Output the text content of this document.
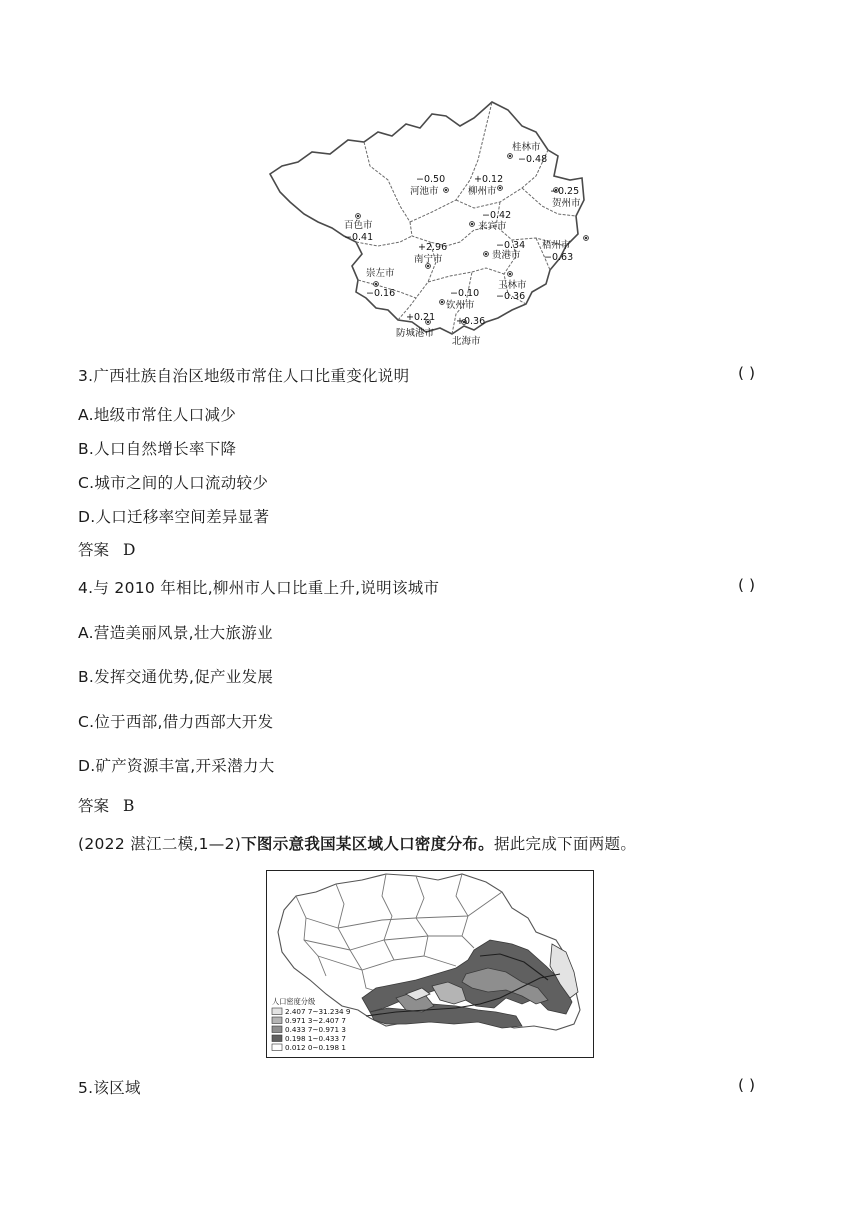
桂林市
−0.48
−0.50
河池市
+0.12
柳州市	−0.25
贺州市
百色市
−0.41
−0.42
来宾市
+2.96
南宁市
−0.34
贵港市
梧州市
−0.63
崇左市
−0.16
玉林市
−0.36
−0.10
钦州市
+0.21
防城港市
+0.36
北海市
3.广西壮族自治区地级市常住人口比重变化说明	( )
A.地级市常住人口减少
B.人口自然增长率下降
C.城市之间的人口流动较少
D.人口迁移率空间差异显著
答案 D
4.与 2010 年相比,柳州市人口比重上升,说明该城市	( )
A.营造美丽风景,壮大旅游业
B.发挥交通优势,促产业发展
C.位于西部,借力西部大开发
D.矿产资源丰富,开采潜力大
答案 B
(2022 湛江二模,1—2)下图示意我国某区域人口密度分布。据此完成下面两题。
人口密度分级
2.407 7~31.234 9
0.971 3~2.407 7
0.433 7~0.971 3
0.198 1~0.433 7
0.012 0~0.198 1
5.该区域	( )
